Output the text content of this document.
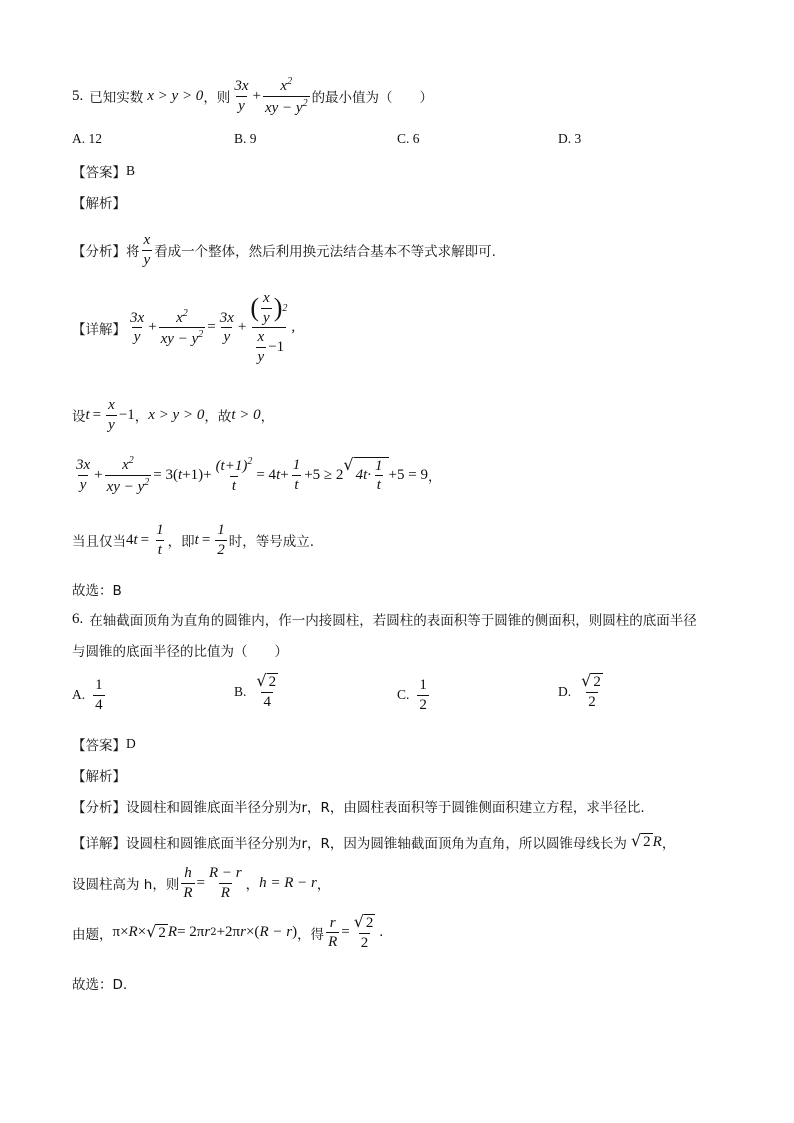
5. 已知实数 x > y > 0 ，则 $\frac{3x}{y} + \frac{x^2}{xy - y^2}$ 的最小值为（　　）
A. 12	B. 9	C. 6	D. 3
【答案】 B
【解析】
【分析】 将 $\frac{x}{y}$ 看成一个整体，然后利用换元法结合基本不等式求解即可.
【详解】 $\frac{3x}{y} + \frac{x^2}{xy - y^2} = \frac{3x}{y} + \frac{( \frac{x}{y} ) 2}{\frac{x}{y} -1}$ ,
设 $t = \frac{x}{y} -1$ ， x > y > 0 ，故 t > 0 ，
$\frac{3x}{y} + \frac{x^2}{xy - y^2} = 3$( $t +1)+ \frac{(t+1)^2}{t} = 4$ $t + \frac{1}{t} +5 \ge 2$
√
$4t\cdot \frac{1}{t} +5 = 9$ ，
当且仅当 4 $t = \frac{1}{t}$ ，即 $t = \frac{1}{2}$ 时，等号成立.
故选：B
6. 在轴截面顶角为直角的圆锥内，作一内接圆柱，若圆柱的表面积等于圆锥的侧面积，则圆柱的底面半径
与圆锥的底面半径的比值为（　　）
A. $\frac{1}{4}$	B. $\frac{√ 2}{4}$	C. $\frac{1}{2}$	D. $\frac{√ 2}{2}$
【答案】 D
【解析】
【分析】 设圆柱和圆锥底面半径分别为r，R，由圆柱表面积等于圆锥侧面积建立方程，求半径比.
【详解】 设圆柱和圆锥底面半径分别为r，R，因为圆锥轴截面顶角为直角，所以圆锥母线长为 √ 2 R ，
设圆柱高为 h，则 $\frac{h}{R} = \frac{R - r}{R}$ ， h = R − r ，
由题， π× R × √ 2 R = 2π r 2 +2π r ×( R − r ) ，得 $\frac{r}{R} = \frac{√ 2}{2}$ .
故选：D.
